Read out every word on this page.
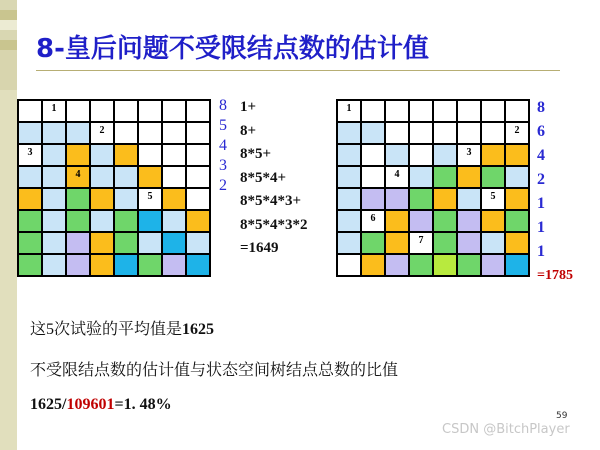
8-皇后问题不受限结点数的估计值
1
2
3
4
5
8
5
4
3
2
1+
8+
8*5+
8*5*4+
8*5*4*3+
8*5*4*3*2
=1649
1
2
3
4
5
6
7
8
6
4
2
1
1
1
=1785
这5次试验的平均值是1625
不受限结点数的估计值与状态空间树结点总数的比值
1625/109601=1. 48%
59
CSDN @BitchPlayer
